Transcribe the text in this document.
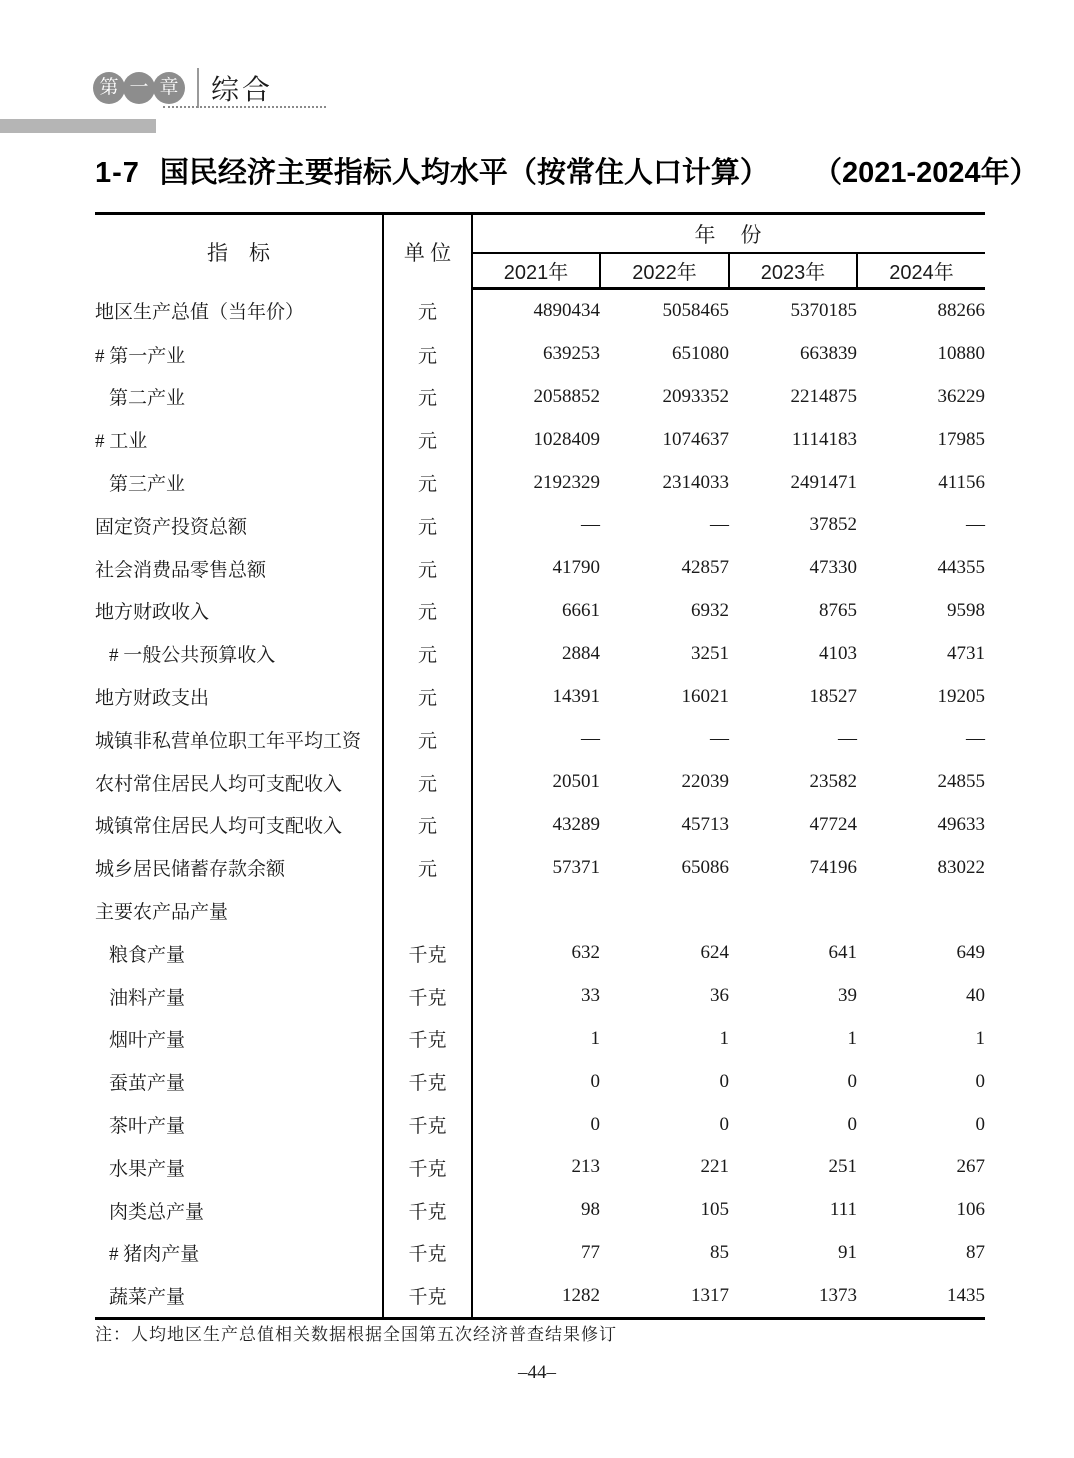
第 一 章 综合
1-7 国民经济主要指标人均水平（按常住人口计算） （2021-2024年）
指　标	单 位	年　份			
		2021年	2022年	2023年	2024年
地区生产总值（当年价）	元	4890434	5058465	5370185	88266
# 第一产业	元	639253	651080	663839	10880
第二产业	元	2058852	2093352	2214875	36229
# 工业	元	1028409	1074637	1114183	17985
第三产业	元	2192329	2314033	2491471	41156
固定资产投资总额	元	—	—	37852	—
社会消费品零售总额	元	41790	42857	47330	44355
地方财政收入	元	6661	6932	8765	9598
# 一般公共预算收入	元	2884	3251	4103	4731
地方财政支出	元	14391	16021	18527	19205
城镇非私营单位职工年平均工资	元	—	—	—	—
农村常住居民人均可支配收入	元	20501	22039	23582	24855
城镇常住居民人均可支配收入	元	43289	45713	47724	49633
城乡居民储蓄存款余额	元	57371	65086	74196	83022
主要农产品产量					
粮食产量	千克	632	624	641	649
油料产量	千克	33	36	39	40
烟叶产量	千克	1	1	1	1
蚕茧产量	千克	0	0	0	0
茶叶产量	千克	0	0	0	0
水果产量	千克	213	221	251	267
肉类总产量	千克	98	105	111	106
# 猪肉产量	千克	77	85	91	87
蔬菜产量	千克	1282	1317	1373	1435
注：人均地区生产总值相关数据根据全国第五次经济普查结果修订
–44–
